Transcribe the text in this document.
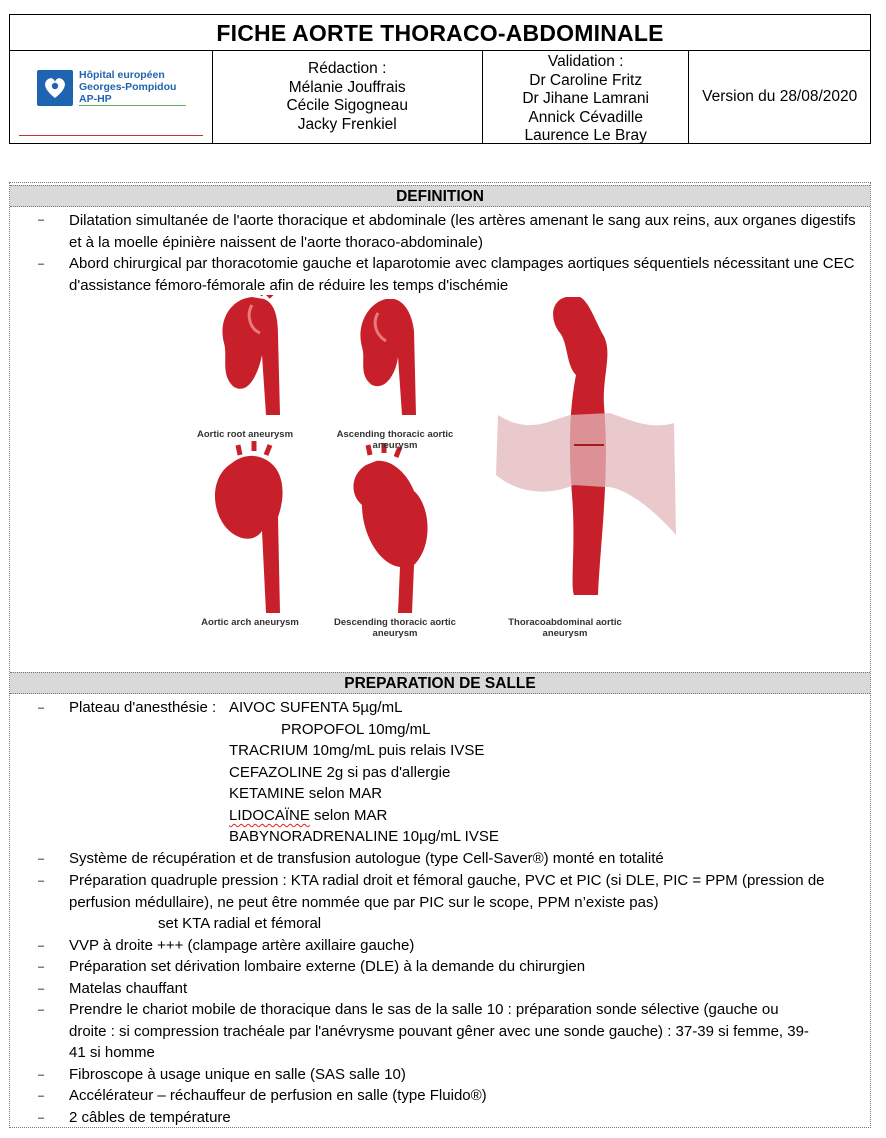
FICHE AORTE THORACO-ABDOMINALE
Hôpital européen
Georges-Pompidou
AP-HP
Rédaction :
Mélanie Jouffrais
Cécile Sigogneau
Jacky Frenkiel
Validation :
Dr Caroline Fritz
Dr Jihane Lamrani
Annick Cévadille
Laurence Le Bray
Version du 28/08/2020
DEFINITION
– Dilatation simultanée de l'aorte thoracique et abdominale (les artères amenant le sang aux reins, aux organes digestifs et à la moelle épinière naissent de l'aorte thoraco-abdominale)
– Abord chirurgical par thoracotomie gauche et laparotomie avec clampages aortiques séquentiels nécessitant une CEC d'assistance fémoro-fémorale afin de réduire les temps d'ischémie
Aortic root aneurysm	Ascending thoracic aortic aneurysm
Aortic arch aneurysm	Descending thoracic aortic aneurysm
Thoracoabdominal aortic aneurysm
PREPARATION DE SALLE
– Plateau d'anesthésie : AIVOC SUFENTA 5µg/mL
PROPOFOL 10mg/mL
TRACRIUM 10mg/mL puis relais IVSE
CEFAZOLINE 2g si pas d'allergie
KETAMINE selon MAR
LIDOCAÏNE selon MAR
BABYNORADRENALINE 10µg/mL IVSE
– Système de récupération et de transfusion autologue (type Cell-Saver®) monté en totalité
– Préparation quadruple pression : KTA radial droit et fémoral gauche, PVC et PIC (si DLE, PIC = PPM (pression de
perfusion médullaire), ne peut être nommée que par PIC sur le scope, PPM n’existe pas)
set KTA radial et fémoral
– VVP à droite +++ (clampage artère axillaire gauche)
– Préparation set dérivation lombaire externe (DLE) à la demande du chirurgien
– Matelas chauffant
– Prendre le chariot mobile de thoracique dans le sas de la salle 10 : préparation sonde sélective (gauche ou
droite : si compression trachéale par l'anévrysme pouvant gêner avec une sonde gauche) : 37-39 si femme, 39-
41 si homme
– Fibroscope à usage unique en salle (SAS salle 10)
– Accélérateur – réchauffeur de perfusion en salle (type Fluido®)
– 2 câbles de température
